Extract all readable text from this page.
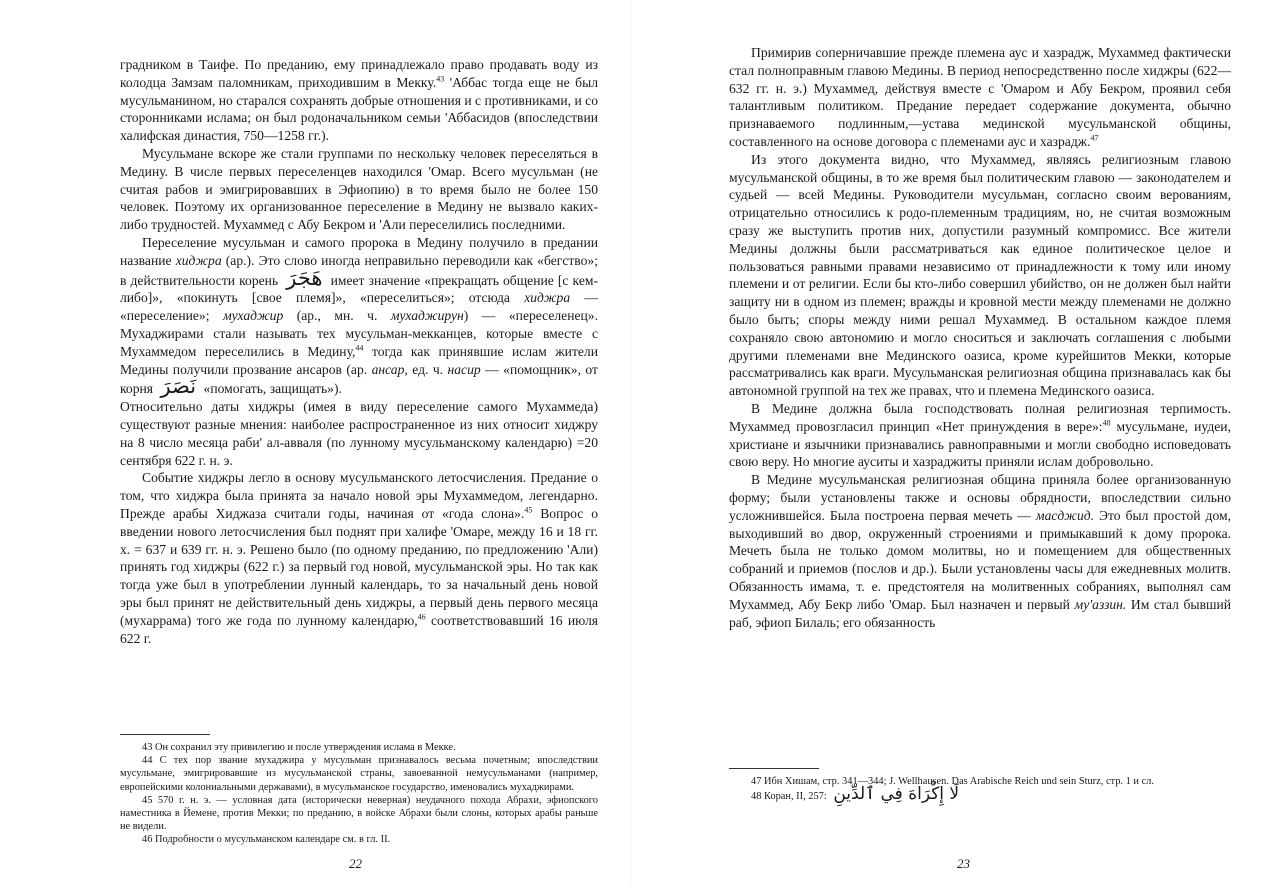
градником в Таифе. По преданию, ему принадлежало право продавать воду из колодца Замзам паломникам, приходившим в Мекку.$^{43}$ 'Аббас тогда еще не был мусульманином, но старался сохранять добрые отношения и с противниками, и со сторонниками ислама; он был родоначальником семьи 'Аббасидов (впоследствии халифская династия, 750—1258 гг.).

Мусульмане вскоре же стали группами по нескольку человек переселяться в Медину. В числе первых переселенцев находился 'Омар. Всего мусульман (не считая рабов и эмигрировавших в Эфиопию) в то время было не более 150 человек. Поэтому их организованное переселение в Медину не вызвало каких-либо трудностей. Мухаммед с Абу Бекром и 'Али переселились последними.

Переселение мусульман и самого пророка в Медину получило в предании название хиджра (ар.). Это слово иногда неправильно переводили как «бегство»; в действительности корень هَجَرَ имеет значение «прекращать общение [с кем-либо]», «покинуть [свое племя]», «переселиться»; отсюда хиджра — «переселение»; мухаджир (ар., мн. ч. мухаджирун) — «переселенец». Мухаджирами стали называть тех мусульман-мекканцев, которые вместе с Мухаммедом переселились в Медину,$^{44}$ тогда как принявшие ислам жители Медины получили прозвание ансаров (ар. ансар, ед. ч. насир — «помощник», от корня نَصَرَ «помогать, защищать»).

Относительно даты хиджры (имея в виду переселение самого Мухаммеда) существуют разные мнения: наиболее распространенное из них относит хиджру на 8 число месяца раби' ал-авваля (по лунному мусульманскому календарю) =20 сентября 622 г. н. э.

Событие хиджры легло в основу мусульманского летосчисления. Предание о том, что хиджра была принята за начало новой эры Мухаммедом, легендарно. Прежде арабы Хиджаза считали годы, начиная от «года слона».$^{45}$ Вопрос о введении нового летосчисления был поднят при халифе 'Омаре, между 16 и 18 гг. х. = 637 и 639 гг. н. э. Решено было (по одному преданию, по предложению 'Али) принять год хиджры (622 г.) за первый год новой, мусульманской эры. Но так как тогда уже был в употреблении лунный календарь, то за начальный день новой эры был принят не действительный день хиджры, а первый день первого месяца (мухаррама) того же года по лунному календарю,$^{46}$ соответствовавший 16 июля 622 г.

43 Он сохранил эту привилегию и после утверждения ислама в Мекке.

44 С тех пор звание мухаджира у мусульман признавалось весьма почетным; впоследствии мусульмане, эмигрировавшие из мусульманской страны, завоеванной немусульманами (например, европейскими колониальными державами), в мусульманское государство, именовались мухаджирами.

45 570 г. н. э. — условная дата (исторически неверная) неудачного похода Абрахи, эфиопского наместника в Йемене, против Мекки; по преданию, в войске Абрахи были слоны, которых арабы раньше не видели.

46 Подробности о мусульманском календаре см. в гл. II.

22

Примирив соперничавшие прежде племена аус и хазрадж, Мухаммед фактически стал полноправным главою Медины. В период непосредственно после хиджры (622—632 гг. н. э.) Мухаммед, действуя вместе с 'Омаром и Абу Бекром, проявил себя талантливым политиком. Предание передает содержание документа, обычно признаваемого подлинным,—устава мединской мусульманской общины, составленного на основе договора с племенами аус и хазрадж.$^{47}$

Из этого документа видно, что Мухаммед, являясь религиозным главою мусульманской общины, в то же время был политическим главою — законодателем и судьей — всей Медины. Руководители мусульман, согласно своим верованиям, отрицательно относились к родо-племенным традициям, но, не считая возможным сразу же выступить против них, допустили разумный компромисс. Все жители Медины должны были рассматриваться как единое политическое целое и пользоваться равными правами независимо от принадлежности к тому или иному племени и от религии. Если бы кто-либо совершил убийство, он не должен был найти защиту ни в одном из племен; вражды и кровной мести между племенами не должно было быть; споры между ними решал Мухаммед. В остальном каждое племя сохраняло свою автономию и могло сноситься и заключать соглашения с любыми другими племенами вне Мединского оазиса, кроме курейшитов Мекки, которые рассматривались как враги. Мусульманская религиозная община признавалась как бы автономной группой на тех же правах, что и племена Мединского оазиса.

В Медине должна была господствовать полная религиозная терпимость. Мухаммед провозгласил принцип «Нет принуждения в вере»:$^{48}$ мусульмане, иудеи, христиане и язычники признавались равноправными и могли свободно исповедовать свою веру. Но многие ауситы и хазраджиты приняли ислам добровольно.

В Медине мусульманская религиозная община приняла более организованную форму; были установлены также и основы обрядности, впоследствии сильно усложнившейся. Была построена первая мечеть — масджид. Это был простой дом, выходивший во двор, окруженный строениями и примыкавший к дому пророка. Мечеть была не только домом молитвы, но и помещением для общественных собраний и приемов (послов и др.). Были установлены часы для ежедневных молитв. Обязанность имама, т. е. предстоятеля на молитвенных собраниях, выполнял сам Мухаммед, Абу Бекр либо 'Омар. Был назначен и первый му'аззин. Им стал бывший раб, эфиоп Билаль; его обязанность

47 Ибн Хишам, стр. 341—344; J. Wellhausen. Das Arabische Reich und sein Sturz, стр. 1 и сл.

48 Коран, II, 257: لَا إِكْرَاهَ فِي ٱلدِّينِ

23
